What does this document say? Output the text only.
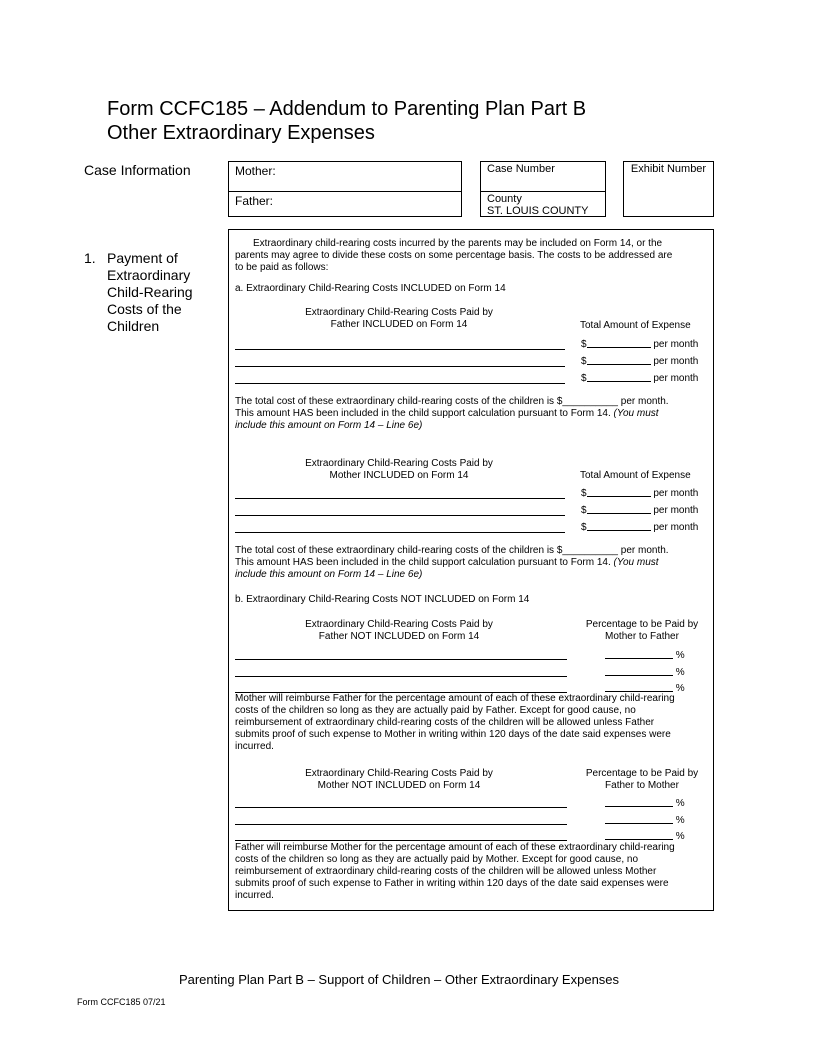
Form CCFC185 – Addendum to Parenting Plan Part B
Other Extraordinary Expenses
Case Information	Mother:
Father:
Case Number
County
ST. LOUIS COUNTY
Exhibit Number
1. Payment of
Extraordinary
Child-Rearing
Costs of the
Children
Extraordinary child-rearing costs incurred by the parents may be included on Form 14, or the
parents may agree to divide these costs on some percentage basis. The costs to be addressed are
to be paid as follows:
a. Extraordinary Child-Rearing Costs INCLUDED on Form 14
Extraordinary Child-Rearing Costs Paid by
Father INCLUDED on Form 14	Total Amount of Expense
$	per month
$	per month
$	per month
The total cost of these extraordinary child-rearing costs of the children is $__________ per month.
This amount HAS been included in the child support calculation pursuant to Form 14. (You must
include this amount on Form 14 – Line 6e)
Extraordinary Child-Rearing Costs Paid by
Mother INCLUDED on Form 14	Total Amount of Expense
$	per month
$	per month
$	per month
The total cost of these extraordinary child-rearing costs of the children is $__________ per month.
This amount HAS been included in the child support calculation pursuant to Form 14. (You must
include this amount on Form 14 – Line 6e)
b. Extraordinary Child-Rearing Costs NOT INCLUDED on Form 14
Extraordinary Child-Rearing Costs Paid by
Father NOT INCLUDED on Form 14
Percentage to be Paid by
Mother to Father
%
%
%
Mother will reimburse Father for the percentage amount of each of these extraordinary child-rearing
costs of the children so long as they are actually paid by Father. Except for good cause, no
reimbursement of extraordinary child-rearing costs of the children will be allowed unless Father
submits proof of such expense to Mother in writing within 120 days of the date said expenses were
incurred.
Extraordinary Child-Rearing Costs Paid by
Mother NOT INCLUDED on Form 14
Percentage to be Paid by
Father to Mother
%
%
%
Father will reimburse Mother for the percentage amount of each of these extraordinary child-rearing
costs of the children so long as they are actually paid by Mother. Except for good cause, no
reimbursement of extraordinary child-rearing costs of the children will be allowed unless Mother
submits proof of such expense to Father in writing within 120 days of the date said expenses were
incurred.
Parenting Plan Part B – Support of Children – Other Extraordinary Expenses
Form CCFC185 07/21
